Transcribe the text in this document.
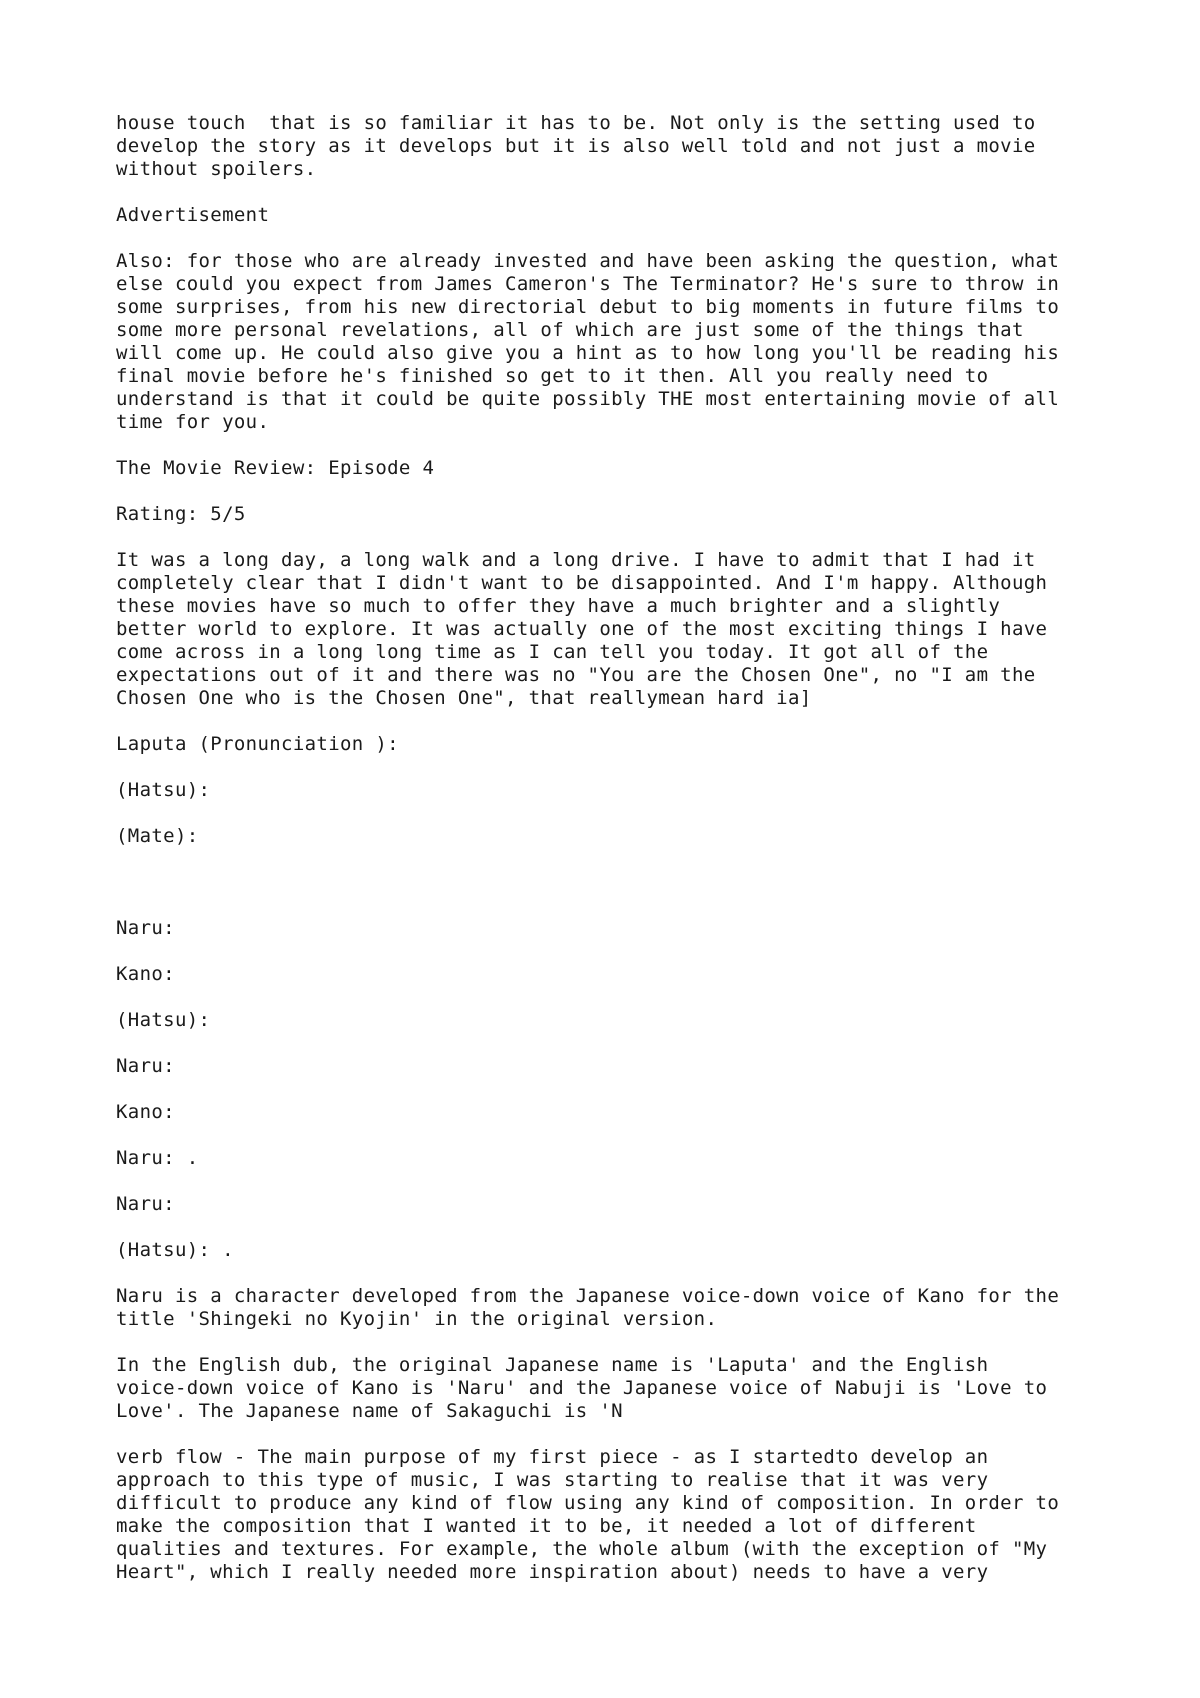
house touch  that is so familiar it has to be. Not only is the setting used to
develop the story as it develops but it is also well told and not just a movie
without spoilers.

Advertisement

Also: for those who are already invested and have been asking the question, what
else could you expect from James Cameron's The Terminator? He's sure to throw in
some surprises, from his new directorial debut to big moments in future films to
some more personal revelations, all of which are just some of the things that
will come up. He could also give you a hint as to how long you'll be reading his
final movie before he's finished so get to it then. All you really need to
understand is that it could be quite possibly THE most entertaining movie of all
time for you.

The Movie Review: Episode 4

Rating: 5/5

It was a long day, a long walk and a long drive. I have to admit that I had it
completely clear that I didn't want to be disappointed. And I'm happy. Although
these movies have so much to offer they have a much brighter and a slightly
better world to explore. It was actually one of the most exciting things I have
come across in a long long time as I can tell you today. It got all of the
expectations out of it and there was no "You are the Chosen One", no "I am the
Chosen One who is the Chosen One", that reallymean hard ia]

Laputa (Pronunciation ):

(Hatsu):

(Mate):

Naru:

Kano:

(Hatsu):

Naru:

Kano:

Naru: .

Naru:

(Hatsu): .

Naru is a character developed from the Japanese voice-down voice of Kano for the
title 'Shingeki no Kyojin' in the original version.

In the English dub, the original Japanese name is 'Laputa' and the English
voice-down voice of Kano is 'Naru' and the Japanese voice of Nabuji is 'Love to
Love'. The Japanese name of Sakaguchi is 'N

verb flow - The main purpose of my first piece - as I startedto develop an
approach to this type of music, I was starting to realise that it was very
difficult to produce any kind of flow using any kind of composition. In order to
make the composition that I wanted it to be, it needed a lot of different
qualities and textures. For example, the whole album (with the exception of "My
Heart", which I really needed more inspiration about) needs to have a very
